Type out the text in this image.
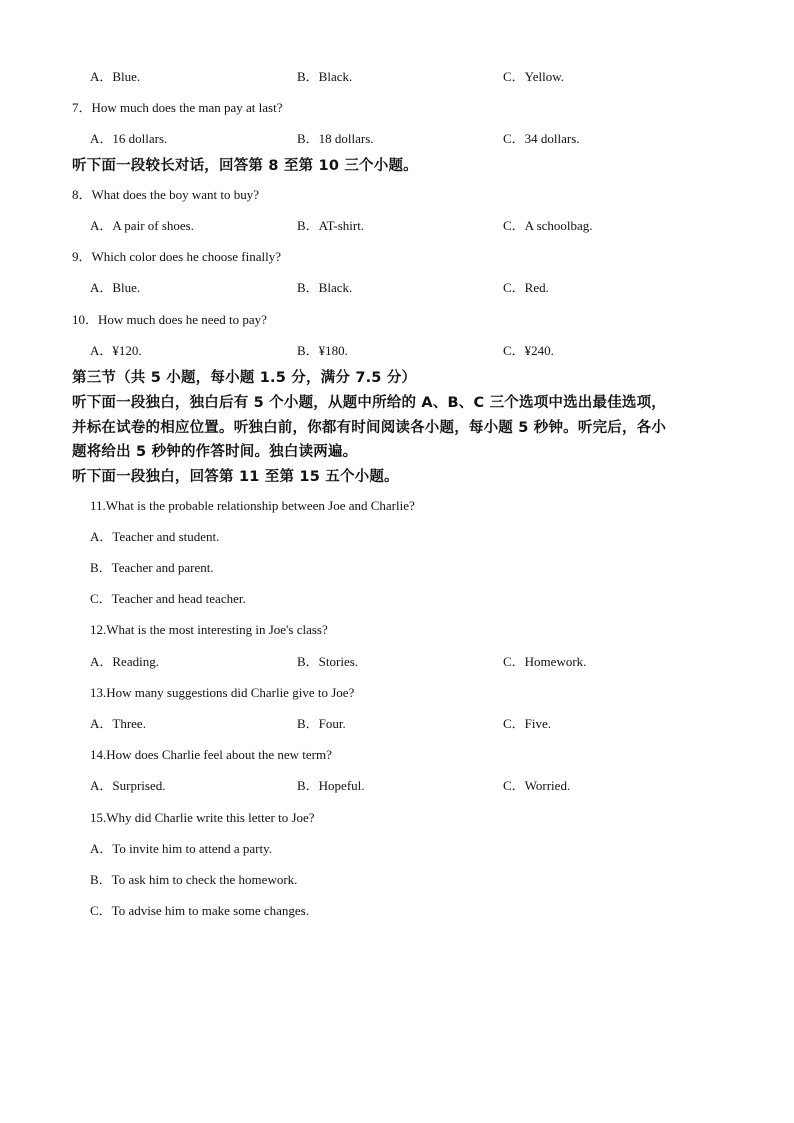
A．Blue.	B．Black.	C．Yellow.
7．How much does the man pay at last?
A．16 dollars.	B．18 dollars.	C．34 dollars.
听下面一段较长对话，回答第 8 至第 10 三个小题。
8．What does the boy want to buy?
A．A pair of shoes.	B．AT-shirt.	C．A schoolbag.
9．Which color does he choose finally?
A．Blue.	B．Black.	C．Red.
10．How much does he need to pay?
A．¥120.	B．¥180.	C．¥240.
第三节（共 5 小题，每小题 1.5 分，满分 7.5 分）
听下面一段独白，独白后有 5 个小题，从题中所给的 A、B、C 三个选项中选出最佳选项，
并标在试卷的相应位置。听独白前，你都有时间阅读各小题，每小题 5 秒钟。听完后，各小
题将给出 5 秒钟的作答时间。独白读两遍。
听下面一段独白，回答第 11 至第 15 五个小题。
11.What is the probable relationship between Joe and Charlie?
A．Teacher and student.
B．Teacher and parent.
C．Teacher and head teacher.
12.What is the most interesting in Joe's class?
A．Reading.	B．Stories.	C．Homework.
13.How many suggestions did Charlie give to Joe?
A．Three.	B．Four.	C．Five.
14.How does Charlie feel about the new term?
A．Surprised.	B．Hopeful.	C．Worried.
15.Why did Charlie write this letter to Joe?
A．To invite him to attend a party.
B．To ask him to check the homework.
C．To advise him to make some changes.
